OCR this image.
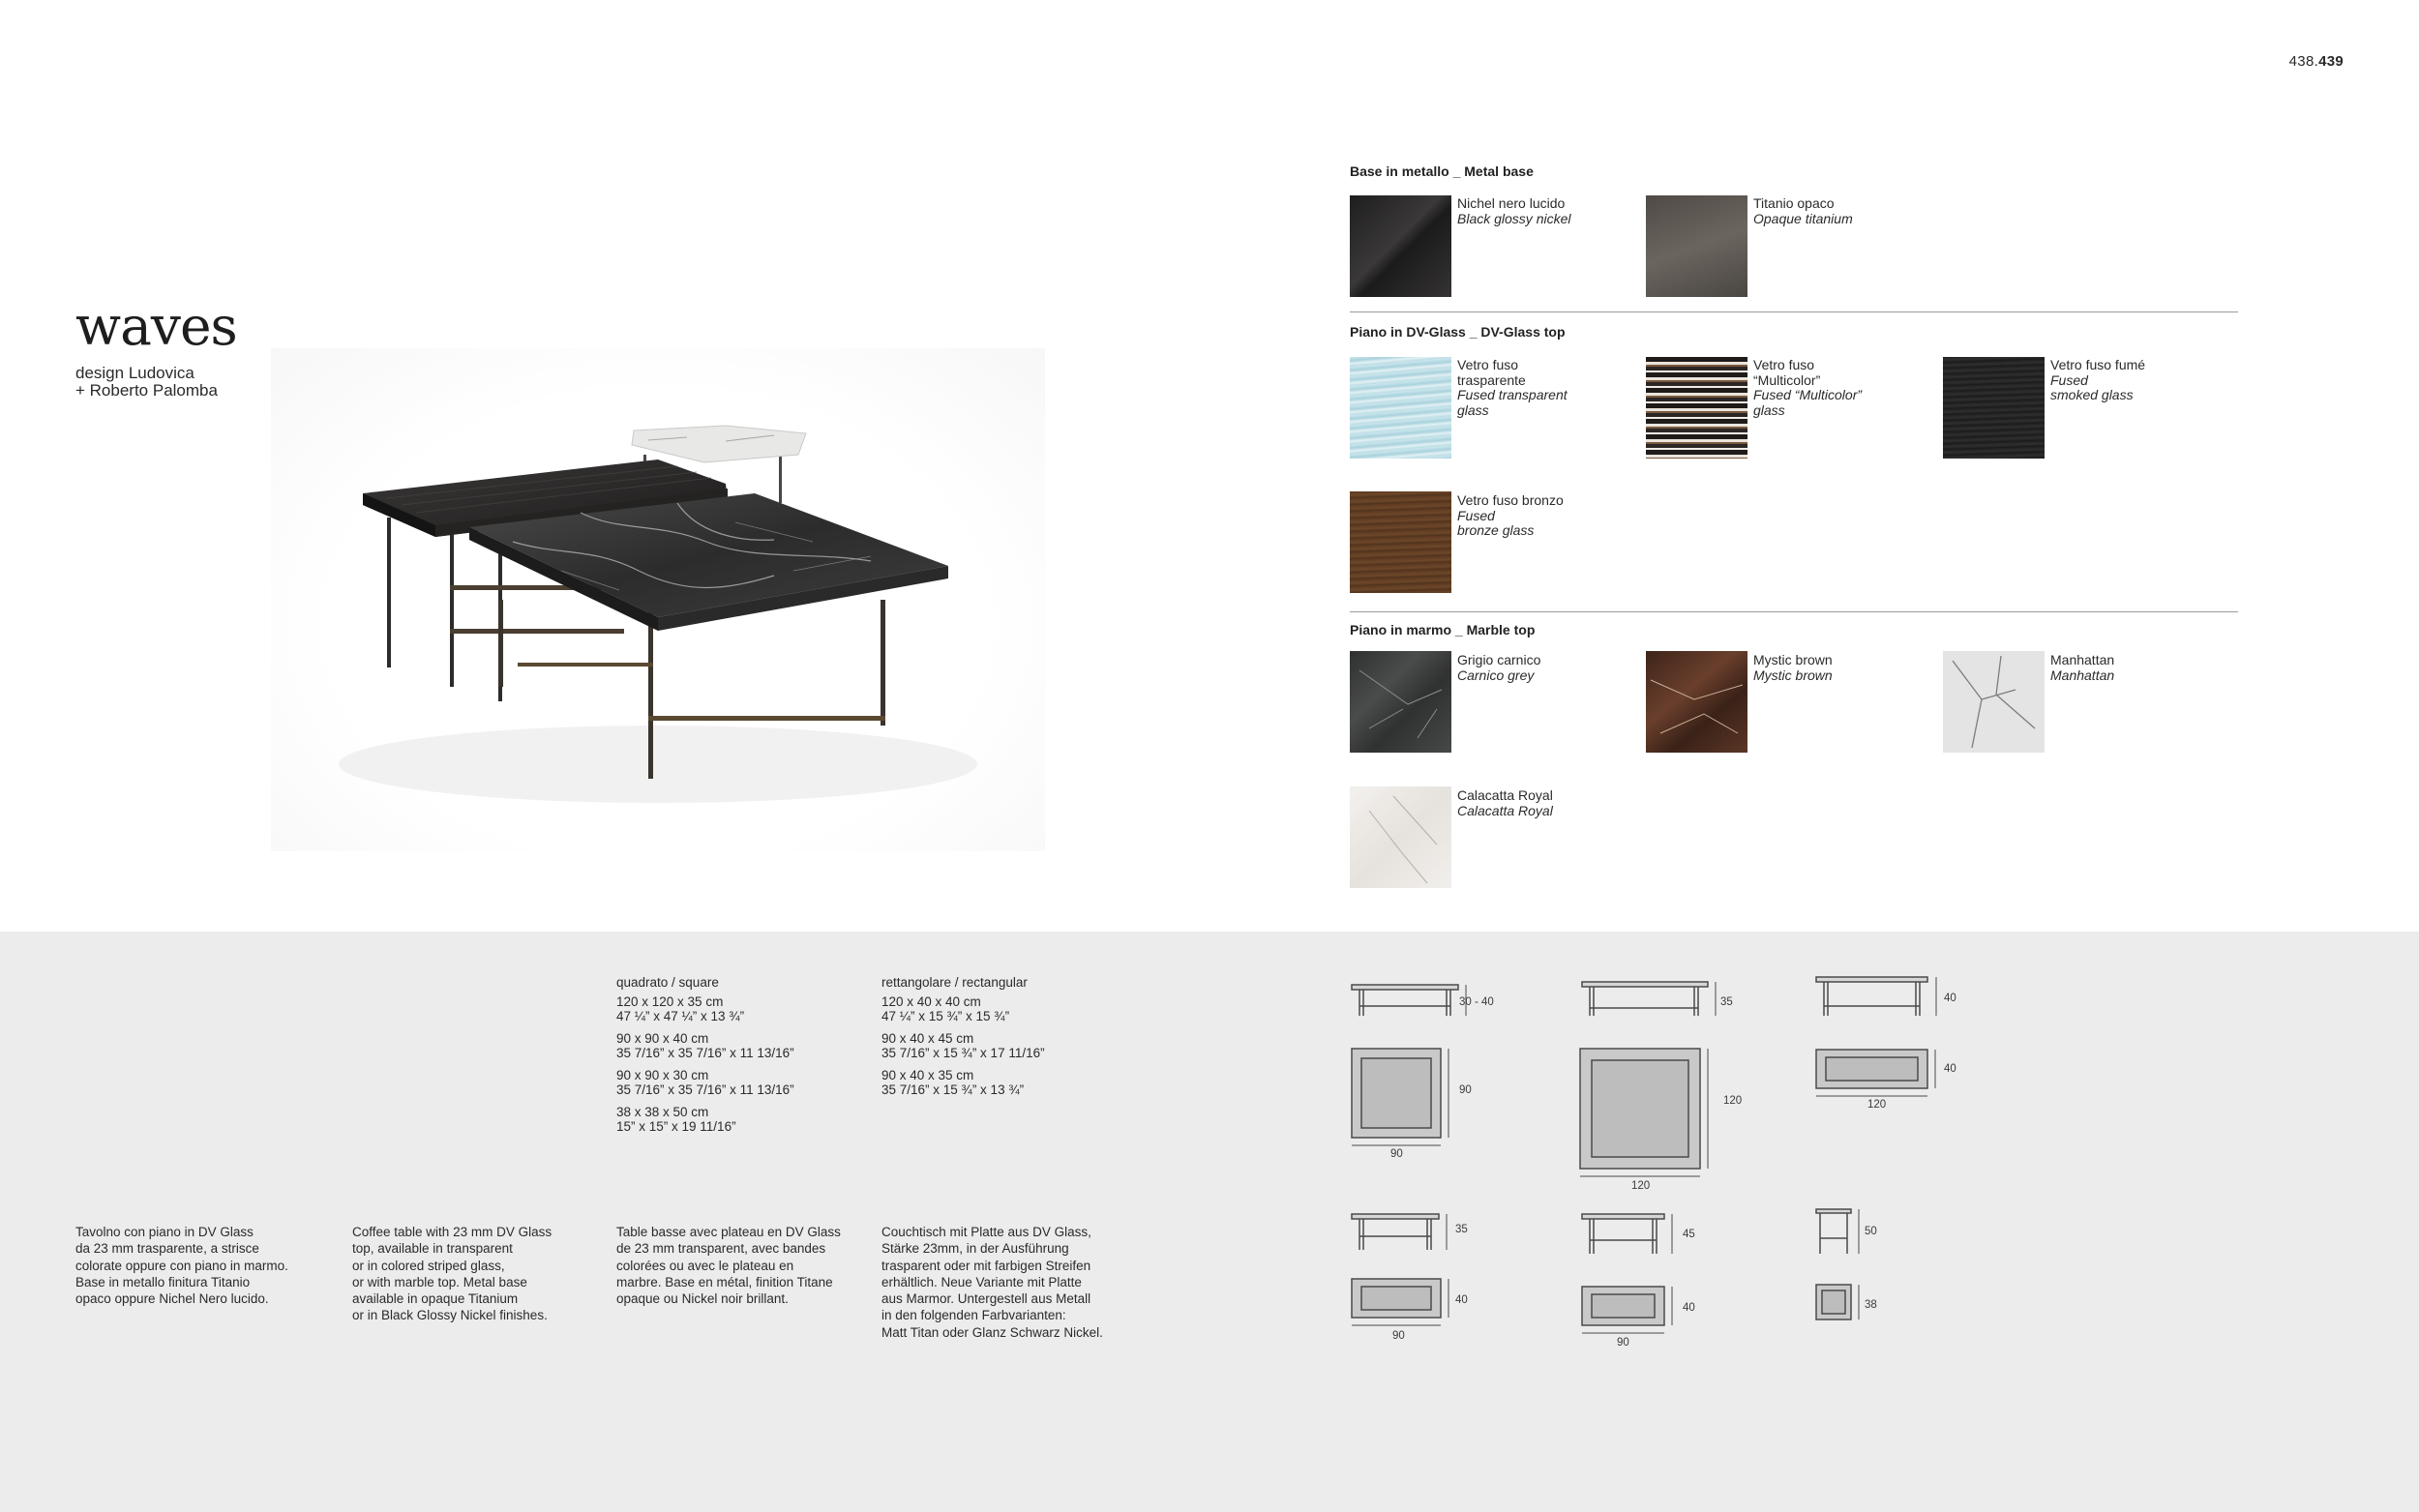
438.439
waves
design Ludovica
+ Roberto Palomba
Base in metallo _ Metal base
Nichel nero lucido
Black glossy nickel
Titanio opaco
Opaque titanium
Piano in DV-Glass _ DV-Glass top
Vetro fuso
trasparente
Fused transparent
glass
Vetro fuso
“Multicolor”
Fused “Multicolor”
glass
Vetro fuso fumé
Fused
smoked glass
Vetro fuso bronzo
Fused
bronze glass
Piano in marmo _ Marble top
Grigio carnico
Carnico grey
Mystic brown
Mystic brown
Manhattan
Manhattan
Calacatta Royal
Calacatta Royal
quadrato / square
120 x 120 x 35 cm
47 ¼” x 47 ¼” x 13 ¾”
90 x 90 x 40 cm
35 7/16” x 35 7/16” x 11 13/16”
90 x 90 x 30 cm
35 7/16” x 35 7/16” x 11 13/16”
38 x 38 x 50 cm
15” x 15” x 19 11/16”
rettangolare / rectangular
120 x 40 x 40 cm
47 ¼” x 15 ¾” x 15 ¾”
90 x 40 x 45 cm
35 7/16” x 15 ¾” x 17 11/16”
90 x 40 x 35 cm
35 7/16” x 15 ¾” x 13 ¾”
Tavolno con piano in DV Glass
da 23 mm trasparente, a strisce
colorate oppure con piano in marmo.
Base in metallo finitura Titanio
opaco oppure Nichel Nero lucido.
Coffee table with 23 mm DV Glass
top, available in transparent
or in colored striped glass,
or with marble top. Metal base
available in opaque Titanium
or in Black Glossy Nickel finishes.
Table basse avec plateau en DV Glass
de 23 mm transparent, avec bandes
colorées ou avec le plateau en
marbre. Base en métal, finition Titane
opaque ou Nickel noir brillant.
Couchtisch mit Platte aus DV Glass,
Stärke 23mm, in der Ausführung
trasparent oder mit farbigen Streifen
erhältlich. Neue Variante mit Platte
aus Marmor. Untergestell aus Metall
in den folgenden Farbvarianten:
Matt Titan oder Glanz Schwarz Nickel.
30 - 40
90
90
35
120
120
40
40
120
35
40
90
45
40
90
50
38
